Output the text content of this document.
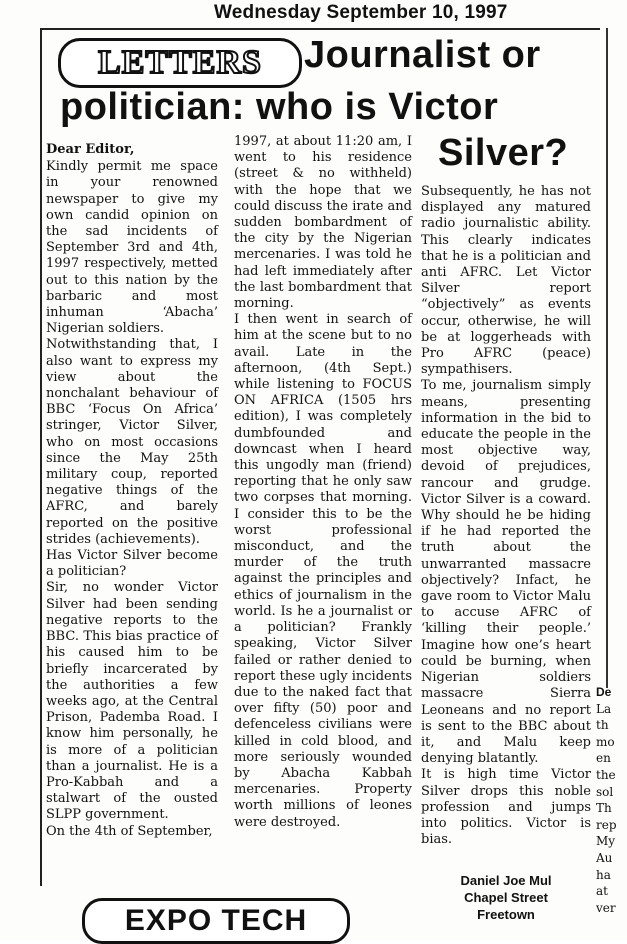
Wednesday September 10, 1997
LETTERS Journalist or
politician: who is Victor
Silver?

Dear Editor,

Kindly permit me space in your renowned newspaper to give my own candid opinion on the sad incidents of September 3rd and 4th, 1997 respectively, metted out to this nation by the barbaric and most inhuman ‘Abacha’ Nigerian soldiers.

Notwithstanding that, I also want to express my view about the nonchalant behaviour of BBC ‘Focus On Africa’ stringer, Victor Silver, who on most occasions since the May 25th military coup, reported negative things of the AFRC, and barely reported on the positive strides (achievements).

Has Victor Silver become a politician?

Sir, no wonder Victor Silver had been sending negative reports to the BBC. This bias practice of his caused him to be briefly incarcerated by the authorities a few weeks ago, at the Central Prison, Pademba Road. I know him personally, he is more of a politician than a journalist. He is a Pro-Kabbah and a stalwart of the ousted SLPP government.

On the 4th of September,

1997, at about 11:20 am, I went to his residence (street & no withheld) with the hope that we could discuss the irate and sudden bombardment of the city by the Nigerian mercenaries. I was told he had left immediately after the last bombardment that morning.

I then went in search of him at the scene but to no avail. Late in the afternoon, (4th Sept.) while listening to FOCUS ON AFRICA (1505 hrs edition), I was completely dumbfounded and downcast when I heard this ungodly man (friend) reporting that he only saw two corpses that morning. I consider this to be the worst professional misconduct, and the murder of the truth against the principles and ethics of journalism in the world. Is he a journalist or a politician? Frankly speaking, Victor Silver failed or rather denied to report these ugly incidents due to the naked fact that over fifty (50) poor and defenceless civilians were killed in cold blood, and more seriously wounded by Abacha Kabbah mercenaries. Property worth millions of leones were destroyed.

Subsequently, he has not displayed any matured radio journalistic ability. This clearly indicates that he is a politician and anti AFRC. Let Victor Silver report “objectively” as events occur, otherwise, he will be at loggerheads with Pro AFRC (peace) sympathisers.

To me, journalism simply means, presenting information in the bid to educate the people in the most objective way, devoid of prejudices, rancour and grudge. Victor Silver is a coward. Why should he be hiding if he had reported the truth about the unwarranted massacre objectively? Infact, he gave room to Victor Malu to accuse AFRC of ‘killing their people.’ Imagine how one’s heart could be burning, when Nigerian soldiers massacre Sierra Leoneans and no report is sent to the BBC about it, and Malu keep denying blatantly.

It is high time Victor Silver drops this noble profession and jumps into politics. Victor is bias.

Daniel Joe Mul
Chapel Street
Freetown
De
La
th
mo
en
the
sol
Th
rep
My
Au
ha
at
ver
EXPO TECH
